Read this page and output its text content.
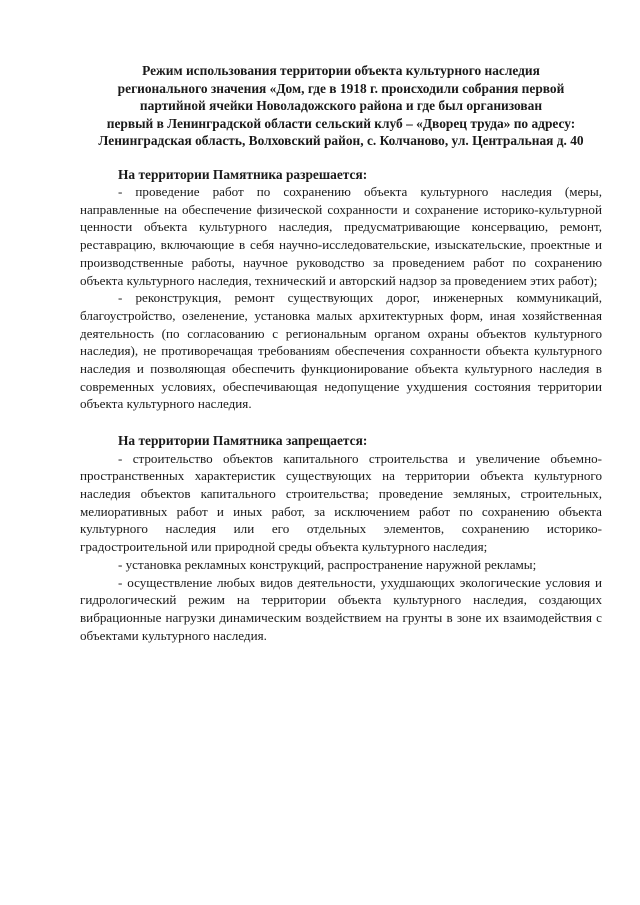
Режим использования территории объекта культурного наследия
регионального значения «Дом, где в 1918 г. происходили собрания первой
партийной ячейки Новоладожского района и где был организован
первый в Ленинградской области сельский клуб – «Дворец труда» по адресу:
Ленинградская область, Волховский район, с. Колчаново, ул. Центральная д. 40
На территории Памятника разрешается:

- проведение работ по сохранению объекта культурного наследия (меры, направленные на обеспечение физической сохранности и сохранение историко-культурной ценности объекта культурного наследия, предусматривающие консервацию, ремонт, реставрацию, включающие в себя научно-исследовательские, изыскательские, проектные и производственные работы, научное руководство за проведением работ по сохранению объекта культурного наследия, технический и авторский надзор за проведением этих работ);

- реконструкция, ремонт существующих дорог, инженерных коммуникаций, благоустройство, озеленение, установка малых архитектурных форм, иная хозяйственная деятельность (по согласованию с региональным органом охраны объектов культурного наследия), не противоречащая требованиям обеспечения сохранности объекта культурного наследия и позволяющая обеспечить функционирование объекта культурного наследия в современных условиях, обеспечивающая недопущение ухудшения состояния территории объекта культурного наследия.

На территории Памятника запрещается:

- строительство объектов капитального строительства и увеличение объемно-пространственных характеристик существующих на территории объекта культурного наследия объектов капитального строительства; проведение земляных, строительных, мелиоративных работ и иных работ, за исключением работ по сохранению объекта культурного наследия или его отдельных элементов, сохранению историко-градостроительной или природной среды объекта культурного наследия;

- установка рекламных конструкций, распространение наружной рекламы;

- осуществление любых видов деятельности, ухудшающих экологические условия и гидрологический режим на территории объекта культурного наследия, создающих вибрационные нагрузки динамическим воздействием на грунты в зоне их взаимодействия с объектами культурного наследия.
